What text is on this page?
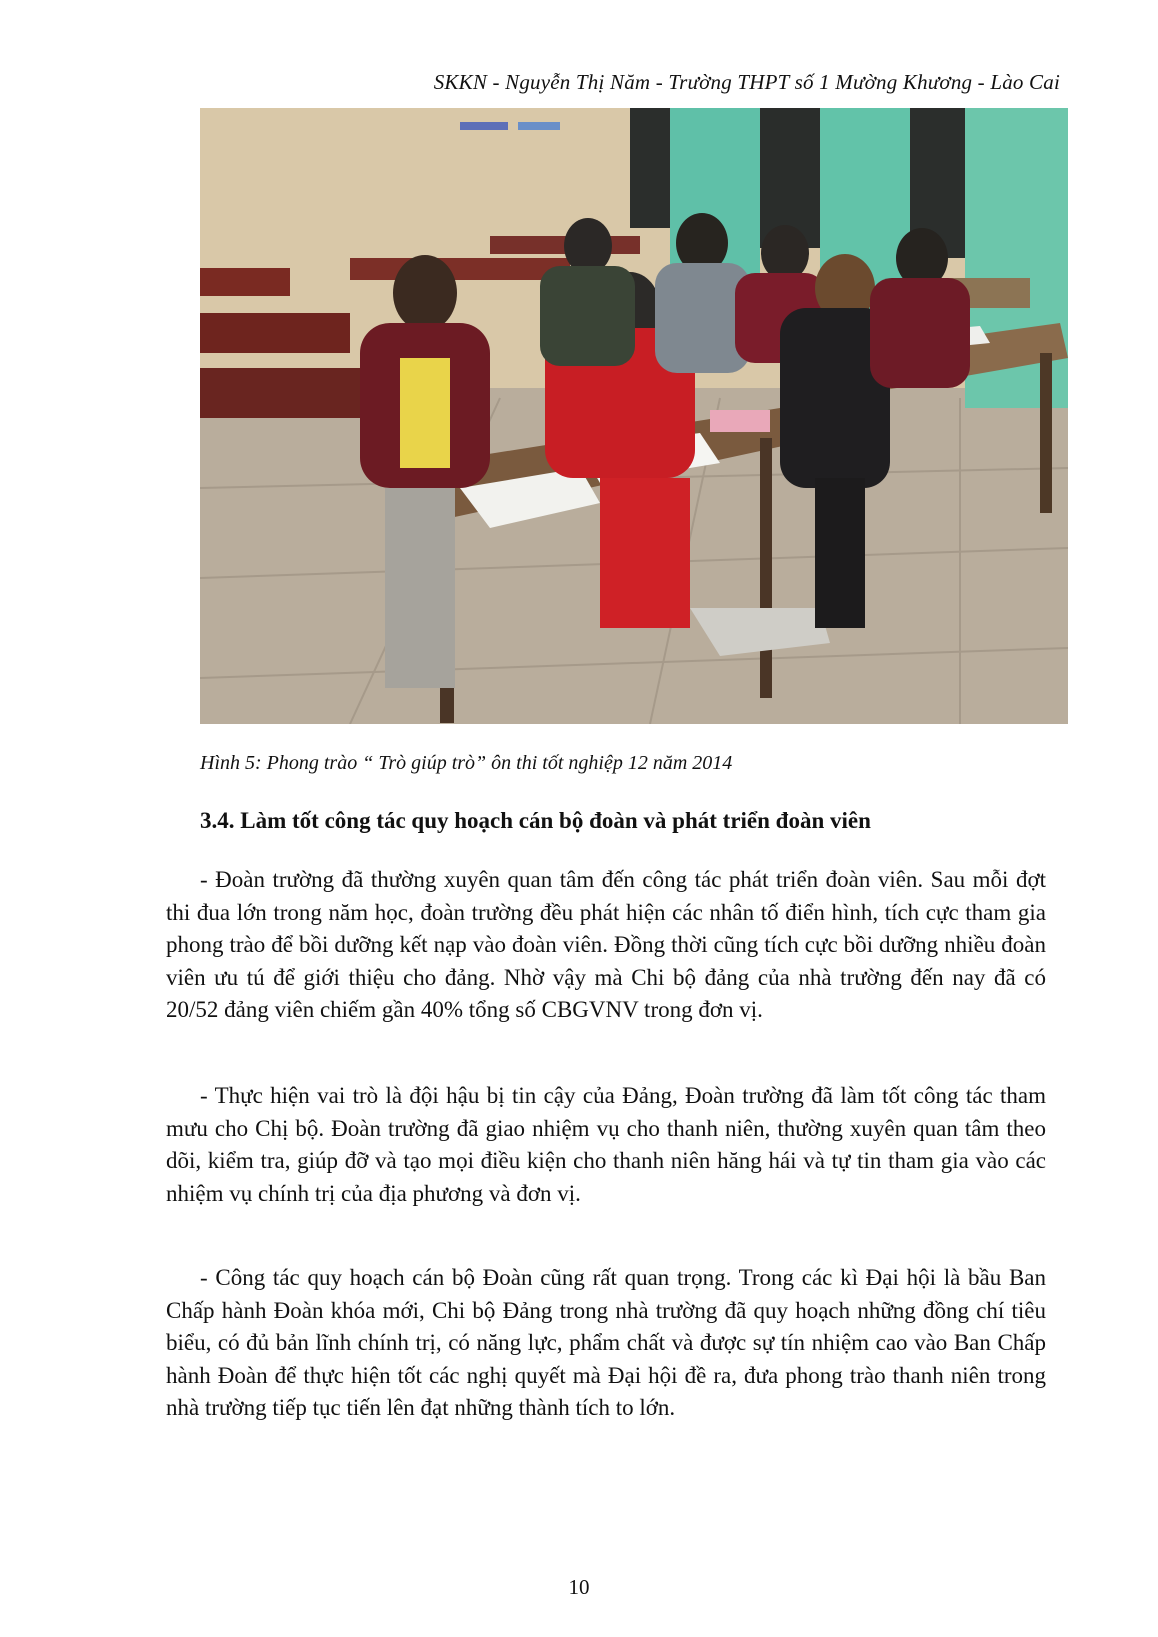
SKKN - Nguyễn Thị Năm - Trường THPT số 1 Mường Khương - Lào Cai
Hình 5: Phong trào “ Trò giúp trò” ôn thi tốt nghiệp 12 năm 2014
3.4. Làm tốt công tác quy hoạch cán bộ đoàn và phát triển đoàn viên

- Đoàn trường đã thường xuyên quan tâm đến công tác phát triển đoàn viên. Sau mỗi đợt thi đua lớn trong năm học, đoàn trường đều phát hiện các nhân tố điển hình, tích cực tham gia phong trào để bồi dưỡng kết nạp vào đoàn viên. Đồng thời cũng tích cực bồi dưỡng nhiều đoàn viên ưu tú để giới thiệu cho đảng. Nhờ vậy mà Chi bộ đảng của nhà trường đến nay đã có 20/52 đảng viên chiếm gần 40% tổng số CBGVNV trong đơn vị.

- Thực hiện vai trò là đội hậu bị tin cậy của Đảng, Đoàn trường đã làm tốt công tác tham mưu cho Chị bộ. Đoàn trường đã giao nhiệm vụ cho thanh niên, thường xuyên quan tâm theo dõi, kiểm tra, giúp đỡ và tạo mọi điều kiện cho thanh niên hăng hái và tự tin tham gia vào các nhiệm vụ chính trị của địa phương và đơn vị.

- Công tác quy hoạch cán bộ Đoàn cũng rất quan trọng. Trong các kì Đại hội là bầu Ban Chấp hành Đoàn khóa mới, Chi bộ Đảng trong nhà trường đã quy hoạch những đồng chí tiêu biểu, có đủ bản lĩnh chính trị, có năng lực, phẩm chất và được sự tín nhiệm cao vào Ban Chấp hành Đoàn để thực hiện tốt các nghị quyết mà Đại hội đề ra, đưa phong trào thanh niên trong nhà trường tiếp tục tiến lên đạt những thành tích to lớn.

10
